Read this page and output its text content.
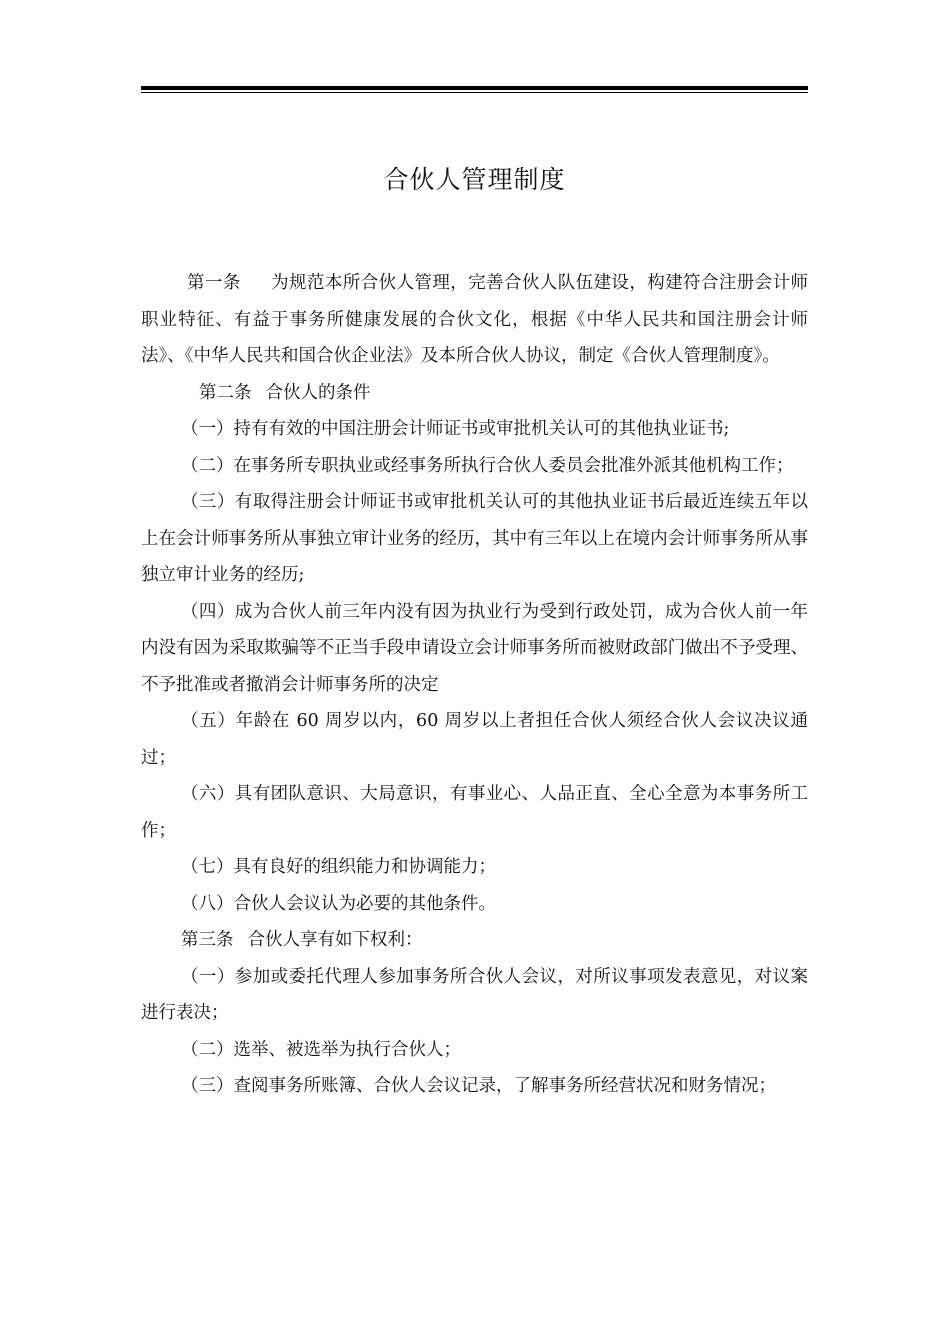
合伙人管理制度

第一条 为规范本所合伙人管理，完善合伙人队伍建设，构建符合注册会计师职业特征、有益于事务所健康发展的合伙文化，根据《中华人民共和国注册会计师法》、《中华人民共和国合伙企业法》及本所合伙人协议，制定《合伙人管理制度》。

第二条 合伙人的条件

（一）持有有效的中国注册会计师证书或审批机关认可的其他执业证书;

（二）在事务所专职执业或经事务所执行合伙人委员会批准外派其他机构工作；

（三）有取得注册会计师证书或审批机关认可的其他执业证书后最近连续五年以上在会计师事务所从事独立审计业务的经历，其中有三年以上在境内会计师事务所从事独立审计业务的经历;

（四）成为合伙人前三年内没有因为执业行为受到行政处罚，成为合伙人前一年内没有因为采取欺骗等不正当手段申请设立会计师事务所而被财政部门做出不予受理、不予批准或者撤消会计师事务所的决定

（五）年龄在 60 周岁以内，60 周岁以上者担任合伙人须经合伙人会议决议通过；

（六）具有团队意识、大局意识，有事业心、人品正直、全心全意为本事务所工作；

（七）具有良好的组织能力和协调能力；

（八）合伙人会议认为必要的其他条件。

第三条 合伙人享有如下权利：

（一）参加或委托代理人参加事务所合伙人会议，对所议事项发表意见，对议案进行表决；

（二）选举、被选举为执行合伙人；

（三）查阅事务所账簿、合伙人会议记录，了解事务所经营状况和财务情况；
